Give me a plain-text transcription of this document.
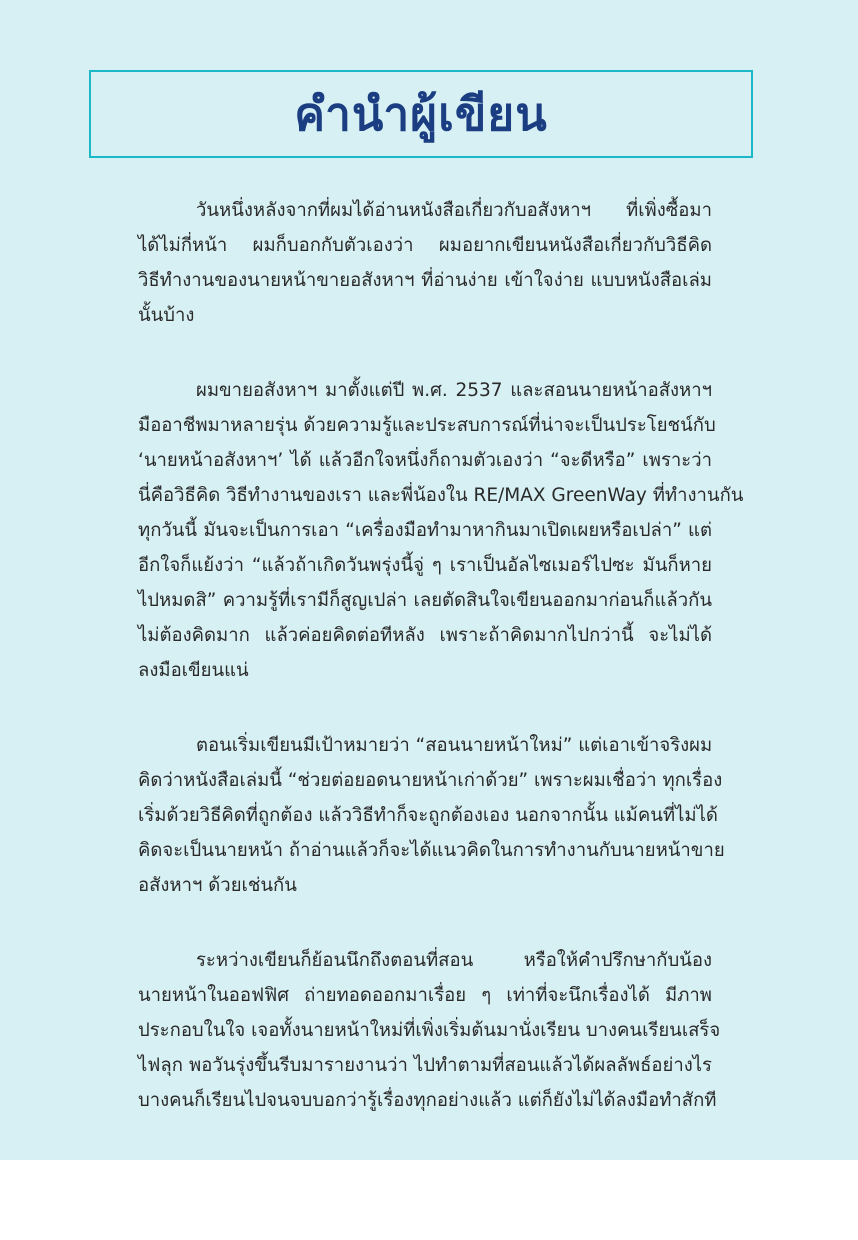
คำนำผู้เขียน
วันหนึ่งหลังจากที่ผมได้อ่านหนังสือเกี่ยวกับอสังหาฯ ที่เพิ่งซื้อมา
ได้ไม่กี่หน้า ผมก็บอกกับตัวเองว่า ผมอยากเขียนหนังสือเกี่ยวกับวิธีคิด
วิธีทำงานของนายหน้าขายอสังหาฯ ที่อ่านง่าย เข้าใจง่าย แบบหนังสือเล่ม
นั้นบ้าง
ผมขายอสังหาฯ มาตั้งแต่ปี พ.ศ. 2537 และสอนนายหน้าอสังหาฯ
มืออาชีพมาหลายรุ่น ด้วยความรู้และประสบการณ์ที่น่าจะเป็นประโยชน์กับ
‘นายหน้าอสังหาฯ’ ได้ แล้วอีกใจหนึ่งก็ถามตัวเองว่า “จะดีหรือ” เพราะว่า
นี่คือวิธีคิด วิธีทำงานของเรา และพี่น้องใน RE/MAX GreenWay ที่ทำงานกัน
ทุกวันนี้ มันจะเป็นการเอา “เครื่องมือทำมาหากินมาเปิดเผยหรือเปล่า” แต่
อีกใจก็แย้งว่า “แล้วถ้าเกิดวันพรุ่งนี้จู่ ๆ เราเป็นอัลไซเมอร์ไปซะ มันก็หาย
ไปหมดสิ” ความรู้ที่เรามีก็สูญเปล่า เลยตัดสินใจเขียนออกมาก่อนก็แล้วกัน
ไม่ต้องคิดมาก แล้วค่อยคิดต่อทีหลัง เพราะถ้าคิดมากไปกว่านี้ จะไม่ได้
ลงมือเขียนแน่
ตอนเริ่มเขียนมีเป้าหมายว่า “สอนนายหน้าใหม่” แต่เอาเข้าจริงผม
คิดว่าหนังสือเล่มนี้ “ช่วยต่อยอดนายหน้าเก่าด้วย” เพราะผมเชื่อว่า ทุกเรื่อง
เริ่มด้วยวิธีคิดที่ถูกต้อง แล้ววิธีทำก็จะถูกต้องเอง นอกจากนั้น แม้คนที่ไม่ได้
คิดจะเป็นนายหน้า ถ้าอ่านแล้วก็จะได้แนวคิดในการทำงานกับนายหน้าขาย
อสังหาฯ ด้วยเช่นกัน
ระหว่างเขียนก็ย้อนนึกถึงตอนที่สอน หรือให้คำปรึกษากับน้อง
นายหน้าในออฟฟิศ ถ่ายทอดออกมาเรื่อย ๆ เท่าที่จะนึกเรื่องได้ มีภาพ
ประกอบในใจ เจอทั้งนายหน้าใหม่ที่เพิ่งเริ่มต้นมานั่งเรียน บางคนเรียนเสร็จ
ไฟลุก พอวันรุ่งขึ้นรีบมารายงานว่า ไปทำตามที่สอนแล้วได้ผลลัพธ์อย่างไร
บางคนก็เรียนไปจนจบบอกว่ารู้เรื่องทุกอย่างแล้ว แต่ก็ยังไม่ได้ลงมือทำสักที
